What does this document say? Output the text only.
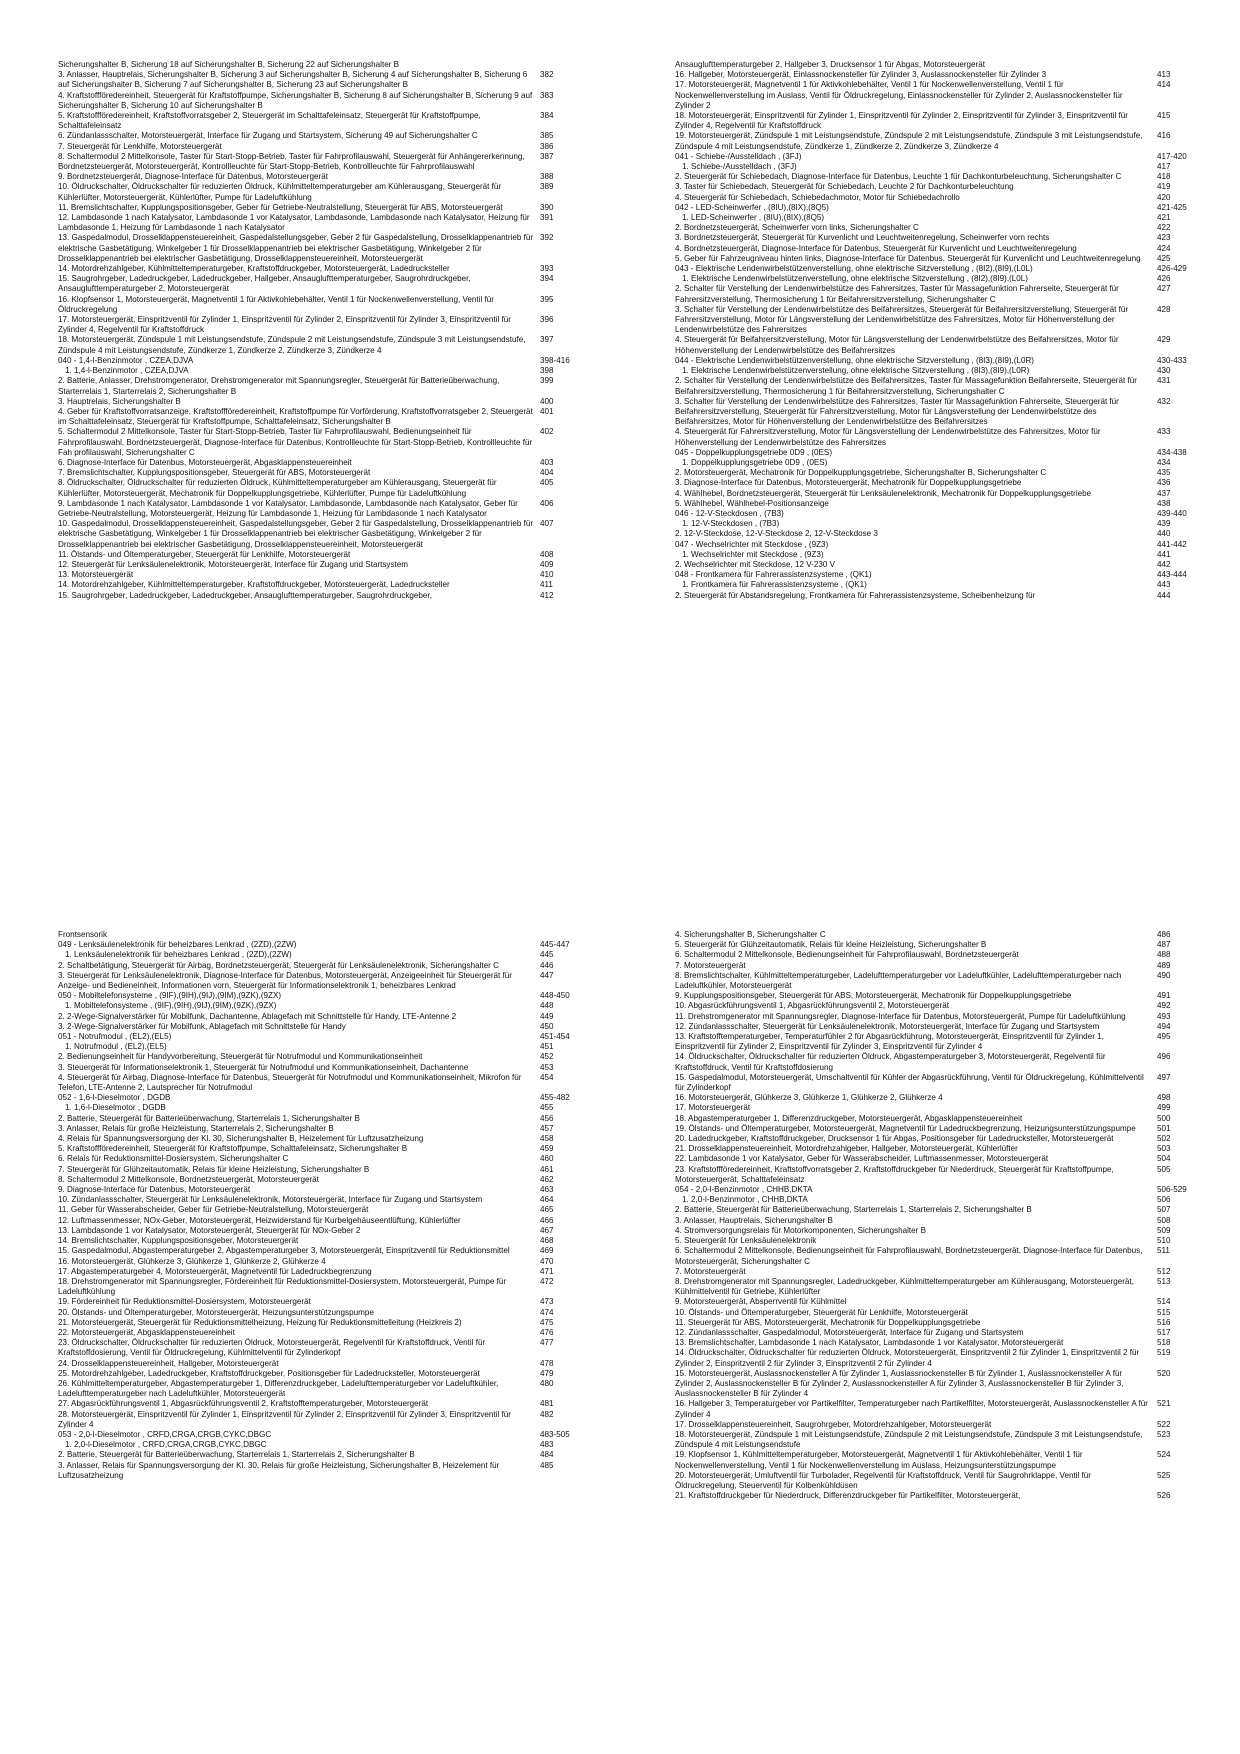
Sicherungshalter B, Sicherung 18 auf Sicherungshalter B, Sicherung 22 auf Sicherungshalter B
3. Anlasser, Hauptrelais, Sicherungshalter B, Sicherung 3 auf Sicherungshalter B, Sicherung 4 auf Sicherungshalter B, Sicherung 6 auf Sicherungshalter B, Sicherung 7 auf Sicherungshalter B, Sicherung 23 auf Sicherungshalter B
382
4. Kraftstoffföredereinheit, Steuergerät für Kraftstoffpumpe, Sicherungshalter B, Sicherung 8 auf Sicherungshalter B, Sicherung 9 auf Sicherungshalter B, Sicherung 10 auf Sicherungshalter B
383
5. Kraftstoffföredereinheit, Kraftstoffvorratsgeber 2, Steuergerät im Schalttafeleinsatz, Steuergerät für Kraftstoffpumpe, Schalttafeleinsatz
384
6. Zündanlassschalter, Motorsteuergerät, Interface für Zugang und Startsystem, Sicherung 49 auf Sicherungshalter C	385
7. Steuergerät für Lenkhilfe, Motorsteuergerät	386
8. Schaltermodul 2 Mittelkonsole, Taster für Start-Stopp-Betrieb, Taster für Fahrprofilauswahl, Steuergerät für Anhängererkennung, Bordnetzsteuergerät, Motorsteuergerät, Kontrollleuchte für Start-Stopp-Betrieb, Kontrollleuchte für Fahrprofilauswahl
387
9. Bordnetzsteuergerät, Diagnose-Interface für Datenbus, Motorsteuergerät	388
10. Öldruckschalter, Öldruckschalter für reduzierten Öldruck, Kühlmitteltemperaturgeber am Kühlerausgang, Steuergerät für Kühlerlüfter, Motorsteuergerät, Kühlerlüfter, Pumpe für Ladeluftkühlung
389
11. Bremslichtschalter, Kupplungspositionsgeber, Geber für Getriebe-Neutralstellung, Steuergerät für ABS, Motorsteuergerät	390
12. Lambdasonde 1 nach Katalysator, Lambdasonde 1 vor Katalysator, Lambdasonde, Lambdasonde nach Katalysator, Heizung für Lambdasonde 1, Heizung für Lambdasonde 1 nach Katalysator
391
13. Gaspedalmodul, Drosselklappensteuereinheit, Gaspedalstellungsgeber, Geber 2 für Gaspedalstellung, Drosselklappenantrieb für elektrische Gasbetätigung, Winkelgeber 1 für Drosselklappenantrieb bei elektrischer Gasbetätigung, Winkelgeber 2 für Drosselklappenantrieb bei elektrischer Gasbetätigung, Drosselklappensteuereinheit, Motorsteuergerät
392
14. Motordrehzahlgeber, Kühlmitteltemperaturgeber, Kraftstoffdruckgeber, Motorsteuergerät, Ladedrucksteller	393
15. Saugrohrgeber, Ladedruckgeber, Ladedruckgeber, Hallgeber, Ansauglufttemperaturgeber, Saugrohrdruckgeber, Ansauglufttemperaturgeber 2, Motorsteuergerät
394
16. Klopfsensor 1, Motorsteuergerät, Magnetventil 1 für Aktivkohlebehälter, Ventil 1 für Nockenwellenverstellung, Ventil für Öldruckregelung
395
17. Motorsteuergerät, Einspritzventil für Zylinder 1, Einspritzventil für Zylinder 2, Einspritzventil für Zylinder 3, Einspritzventil für Zylinder 4, Regelventil für Kraftstoffdruck
396
18. Motorsteuergerät, Zündspule 1 mit Leistungsendstufe, Zündspule 2 mit Leistungsendstufe, Zündspule 3 mit Leistungsendstufe, Zündspule 4 mit Leistungsendstufe, Zündkerze 1, Zündkerze 2, Zündkerze 3, Zündkerze 4
397
040 - 1,4-l-Benzinmotor , CZEA,DJVA	398-416
1. 1,4-l-Benzinmotor , CZEA,DJVA	398
2. Batterie, Anlasser, Drehstromgenerator, Drehstromgenerator mit Spannungsregler, Steuergerät für Batterieüberwachung, Starterrelais 1, Starterrelais 2, Sicherungshalter B
399
3. Hauptrelais, Sicherungshalter B	400
4. Geber für Kraftstoffvorratsanzeige, Kraftstoffföredereinheit, Kraftstoffpumpe für Vorförderung, Kraftstoffvorratsgeber 2, Steuergerät im Schalttafeleinsatz, Steuergerät für Kraftstoffpumpe, Schalttafeleinsatz, Sicherungshalter B
401
5. Schaltermodul 2 Mittelkonsole, Taster für Start-Stopp-Betrieb, Taster für Fahrprofilauswahl, Bedienungseinheit für Fahrprofilauswahl, Bordnetzsteuergerät, Diagnose-Interface für Datenbus, Kontrollleuchte für Start-Stopp-Betrieb, Kontrollleuchte für Fah profilauswahl, Sicherungshalter C
402
6. Diagnose-Interface für Datenbus, Motorsteuergerät, Abgasklappensteuereinheit	403
7. Bremslichtschalter, Kupplungspositionsgeber, Steuergerät für ABS, Motorsteuergerät	404
8. Öldruckschalter, Öldruckschalter für reduzierten Öldruck, Kühlmitteltemperaturgeber am Kühlerausgang, Steuergerät für Kühlerlüfter, Motorsteuergerät, Mechatronik für Doppelkupplungsgetriebe, Kühlerlüfter, Pumpe für Ladeluftkühlung
405
9. Lambdasonde 1 nach Katalysator, Lambdasonde 1 vor Katalysator, Lambdasonde, Lambdasonde nach Katalysator, Geber für Getriebe-Neutralstellung, Motorsteuergerät, Heizung für Lambdasonde 1, Heizung für Lambdasonde 1 nach Katalysator
406
10. Gaspedalmodul, Drosselklappensteuereinheit, Gaspedalstellungsgeber, Geber 2 für Gaspedalstellung, Drosselklappenantrieb für elektrische Gasbetätigung, Winkelgeber 1 für Drosselklappenantrieb bei elektrischer Gasbetätigung, Winkelgeber 2 für Drosselklappenantrieb bei elektrischer Gasbetätigung, Drosselklappensteuereinheit, Motorsteuergerät
407
11. Ölstands- und Öltemperaturgeber, Steuergerät für Lenkhilfe, Motorsteuergerät	408
12. Steuergerät für Lenksäulenelektronik, Motorsteuergerät, Interface für Zugang und Startsystem	409
13. Motorsteuergerät	410
14. Motordrehzahlgeber, Kühlmitteltemperaturgeber, Kraftstoffdruckgeber, Motorsteuergerät, Ladedrucksteller	411
15. Saugrohrgeber, Ladedruckgeber, Ladedruckgeber, Ansauglufttemperaturgeber, Saugrohrdruckgeber,	412
Ansauglufttemperaturgeber 2, Hallgeber 3, Drucksensor 1 für Abgas, Motorsteuergerät
16. Hallgeber, Motorsteuergerät, Einlassnockensteller für Zylinder 3, Auslassnockensteller für Zylinder 3	413
17. Motorsteuergerät, Magnetventil 1 für Aktivkohlebehälter, Ventil 1 für Nockenwellenverstellung, Ventil 1 für Nockenwellenverstellung im Auslass, Ventil für Öldruckregelung, Einlassnockensteller für Zylinder 2, Auslassnockensteller für Zylinder 2
414
18. Motorsteuergerät, Einspritzventil für Zylinder 1, Einspritzventil für Zylinder 2, Einspritzventil für Zylinder 3, Einspritzventil für Zylinder 4, Regelventil für Kraftstoffdruck
415
19. Motorsteuergerät, Zündspule 1 mit Leistungsendstufe, Zündspule 2 mit Leistungsendstufe, Zündspule 3 mit Leistungsendstufe, Zündspule 4 mit Leistungsendstufe, Zündkerze 1, Zündkerze 2, Zündkerze 3, Zündkerze 4
416
041 - Schiebe-/Ausstelldach , (3FJ)	417-420
1. Schiebe-/Ausstelldach , (3FJ)	417
2. Steuergerät für Schiebedach, Diagnose-Interface für Datenbus, Leuchte 1 für Dachkonturbeleuchtung, Sicherungshalter C	418
3. Taster für Schiebedach, Steuergerät für Schiebedach, Leuchte 2 für Dachkonturbeleuchtung	419
4. Steuergerät für Schiebedach, Schiebedachmotor, Motor für Schiebedachrollo	420
042 - LED-Scheinwerfer , (8IU),(8IX),(8Q5)	421-425
1. LED-Scheinwerfer , (8IU),(8IX),(8Q5)	421
2. Bordnetzsteuergerät, Scheinwerfer vorn links, Sicherungshalter C	422
3. Bordnetzsteuergerät, Steuergerät für Kurvenlicht und Leuchtweitenregelung, Scheinwerfer vorn rechts	423
4. Bordnetzsteuergerät, Diagnose-Interface für Datenbus, Steuergerät für Kurvenlicht und Leuchtweitenregelung	424
5. Geber für Fahrzeugniveau hinten links, Diagnose-Interface für Datenbus, Steuergerät für Kurvenlicht und Leuchtweitenregelung	425
043 - Elektrische Lendenwirbelstützenverstellung, ohne elektrische Sitzverstellung , (8I2),(8I9),(L0L)	426-429
1. Elektrische Lendenwirbelstützenverstellung, ohne elektrische Sitzverstellung , (8I2),(8I9),(L0L)	426
2. Schalter für Verstellung der Lendenwirbelstütze des Fahrersitzes, Taster für Massagefunktion Fahrerseite, Steuergerät für Fahrersitzverstellung, Thermosicherung 1 für Beifahrersitzverstellung, Sicherungshalter C
427
3. Schalter für Verstellung der Lendenwirbelstütze des Beifahrersitzes, Steuergerät für Beifahrersitzverstellung, Steuergerät für Fahrersitzverstellung, Motor für Längsverstellung der Lendenwirbelstütze des Fahrersitzes, Motor für Höhenverstellung der Lendenwirbelstütze des Fahrersitzes
428
4. Steuergerät für Beifahrersitzverstellung, Motor für Längsverstellung der Lendenwirbelstütze des Beifahrersitzes, Motor für Höhenverstellung der Lendenwirbelstütze des Beifahrersitzes
429
044 - Elektrische Lendenwirbelstützenverstellung, ohne elektrische Sitzverstellung , (8I3),(8I9),(L0R)	430-433
1. Elektrische Lendenwirbelstützenverstellung, ohne elektrische Sitzverstellung , (8I3),(8I9),(L0R)	430
2. Schalter für Verstellung der Lendenwirbelstütze des Beifahrersitzes, Taster für Massagefunktion Beifahrerseite, Steuergerät für Beifahrersitzverstellung, Thermosicherung 1 für Beifahrersitzverstellung, Sicherungshalter C
431
3. Schalter für Verstellung der Lendenwirbelstütze des Fahrersitzes, Taster für Massagefunktion Fahrerseite, Steuergerät für Beifahrersitzverstellung, Steuergerät für Fahrersitzverstellung, Motor für Längsverstellung der Lendenwirbelstütze des Beifahrersitzes, Motor für Höhenverstellung der Lendenwirbelstütze des Beifahrersitzes
432
4. Steuergerät für Fahrersitzverstellung, Motor für Längsverstellung der Lendenwirbelstütze des Fahrersitzes, Motor für Höhenverstellung der Lendenwirbelstütze des Fahrersitzes
433
045 - Doppelkupplungsgetriebe 0D9 , (0ES)	434-438
1. Doppelkupplungsgetriebe 0D9 , (0ES)	434
2. Motorsteuergerät, Mechatronik für Doppelkupplungsgetriebe, Sicherungshalter B, Sicherungshalter C	435
3. Diagnose-Interface für Datenbus, Motorsteuergerät, Mechatronik für Doppelkupplungsgetriebe	436
4. Wählhebel, Bordnetzsteuergerät, Steuergerät für Lenksäulenelektronik, Mechatronik für Doppelkupplungsgetriebe	437
5. Wählhebel, Wählhebel-Positionsanzeige	438
046 - 12-V-Steckdosen , (7B3)	439-440
1. 12-V-Steckdosen , (7B3)	439
2. 12-V-Steckdose, 12-V-Steckdose 2, 12-V-Steckdose 3	440
047 - Wechselrichter mit Steckdose , (9Z3)	441-442
1. Wechselrichter mit Steckdose , (9Z3)	441
2. Wechselrichter mit Steckdose, 12 V-230 V	442
048 - Frontkamera für Fahrerassistenzsysteme , (QK1)	443-444
1. Frontkamera für Fahrerassistenzsysteme , (QK1)	443
2. Steuergerät für Abstandsregelung, Frontkamera für Fahrerassistenzsysteme, Scheibenheizung für	444
Frontsensorik
049 - Lenksäulenelektronik für beheizbares Lenkrad , (2ZD),(2ZW)	445-447
1. Lenksäulenelektronik für beheizbares Lenkrad , (2ZD),(2ZW)	445
2. Schaltbetätigung, Steuergerät für Airbag, Bordnetzsteuergerät, Steuergerät für Lenksäulenelektronik, Sicherungshalter C	446
3. Steuergerät für Lenksäulenelektronik, Diagnose-Interface für Datenbus, Motorsteuergerät, Anzeigeeinheit für Steuergerät für Anzeige- und Bedieneinheit, Informationen vorn, Steuergerät für Informationselektronik 1, beheizbares Lenkrad
447
050 - Mobiltelefonsysteme , (9IF),(9IH),(9IJ),(9IM),(9ZK),(9ZX)	448-450
1. Mobiltelefonsysteme , (9IF),(9IH),(9IJ),(9IM),(9ZK),(9ZX)	448
2. 2-Wege-Signalverstärker für Mobilfunk, Dachantenne, Ablagefach mit Schnittstelle für Handy, LTE-Antenne 2	449
3. 2-Wege-Signalverstärker für Mobilfunk, Ablagefach mit Schnittstelle für Handy	450
051 - Notrufmodul , (EL2),(EL5)	451-454
1. Notrufmodul , (EL2),(EL5)	451
2. Bedienungseinheit für Handyvorbereitung, Steuergerät für Notrufmodul und Kommunikationseinheit	452
3. Steuergerät für Informationselektronik 1, Steuergerät für Notrufmodul und Kommunikationseinheit, Dachantenne	453
4. Steuergerät für Airbag, Diagnose-Interface für Datenbus, Steuergerät für Notrufmodul und Kommunikationseinheit, Mikrofon für Telefon, LTE-Antenne 2, Lautsprecher für Notrufmodul
454
052 - 1,6-l-Dieselmotor , DGDB	455-482
1. 1,6-l-Dieselmotor , DGDB	455
2. Batterie, Steuergerät für Batterieüberwachung, Starterrelais 1, Sicherungshalter B	456
3. Anlasser, Relais für große Heizleistung, Starterrelais 2, Sicherungshalter B	457
4. Relais für Spannungsversorgung der Kl. 30, Sicherungshalter B, Heizelement für Luftzusatzheizung	458
5. Kraftstoffföredereinheit, Steuergerät für Kraftstoffpumpe, Schalttafeleinsatz, Sicherungshalter B	459
6. Relais für Reduktionsmittel-Dosiersystem, Sicherungshalter C	460
7. Steuergerät für Glühzeitautomatik, Relais für kleine Heizleistung, Sicherungshalter B	461
8. Schaltermodul 2 Mittelkonsole, Bordnetzsteuergerät, Motorsteuergerät	462
9. Diagnose-Interface für Datenbus, Motorsteuergerät	463
10. Zündanlassschalter, Steuergerät für Lenksäulenelektronik, Motorsteuergerät, Interface für Zugang und Startsystem	464
11. Geber für Wasserabscheider, Geber für Getriebe-Neutralstellung, Motorsteuergerät	465
12. Luftmassenmesser, NOx-Geber, Motorsteuergerät, Heizwiderstand für Kurbelgehäuseentlüftung, Kühlerlüfter	466
13. Lambdasonde 1 vor Katalysator, Motorsteuergerät, Steuergerät für NOx-Geber 2	467
14. Bremslichtschalter, Kupplungspositionsgeber, Motorsteuergerät	468
15. Gaspedalmodul, Abgastemperaturgeber 2, Abgastemperaturgeber 3, Motorsteuergerät, Einspritzventil für Reduktionsmittel	469
16. Motorsteuergerät, Glühkerze 3, Glühkerze 1, Glühkerze 2, Glühkerze 4	470
17. Abgastemperaturgeber 4, Motorsteuergerät, Magnetventil für Ladedruckbegrenzung	471
18. Drehstromgenerator mit Spannungsregler, Fördereinheit für Reduktionsmittel-Dosiersystem, Motorsteuergerät, Pumpe für Ladeluftkühlung
472
19. Fördereinheit für Reduktionsmittel-Dosiersystem, Motorsteuergerät	473
20. Ölstands- und Öltemperaturgeber, Motorsteuergerät, Heizungsunterstützungspumpe	474
21. Motorsteuergerät, Steuergerät für Reduktionsmittelheizung, Heizung für Reduktionsmittelleitung (Heizkreis 2)	475
22. Motorsteuergerät, Abgasklappensteuereinheit	476
23. Öldruckschalter, Öldruckschalter für reduzierten Öldruck, Motorsteuergerät, Regelventil für Kraftstoffdruck, Ventil für Kraftstoffdosierung, Ventil für Öldruckregelung, Kühlmittelventil für Zylinderkopf
477
24. Drosselklappensteuereinheit, Hallgeber, Motorsteuergerät	478
25. Motordrehzahlgeber, Ladedruckgeber, Kraftstoffdruckgeber, Positionsgeber für Ladedrucksteller, Motorsteuergerät	479
26. Kühlmitteltemperaturgeber, Abgastemperaturgeber 1, Differenzdruckgeber, Ladelufttemperaturgeber vor Ladeluftkühler, Ladelufttemperaturgeber nach Ladeluftkühler, Motorsteuergerät
480
27. Abgasrückführungsventil 1, Abgasrückführungsventil 2, Kraftstofftemperaturgeber, Motorsteuergerät	481
28. Motorsteuergerät, Einspritzventil für Zylinder 1, Einspritzventil für Zylinder 2, Einspritzventil für Zylinder 3, Einspritzventil für Zylinder 4
482
053 - 2,0-l-Dieselmotor , CRFD,CRGA,CRGB,CYKC,DBGC	483-505
1. 2,0-l-Dieselmotor , CRFD,CRGA,CRGB,CYKC,DBGC	483
2. Batterie, Steuergerät für Batterieüberwachung, Starterrelais 1, Starterrelais 2, Sicherungshalter B	484
3. Anlasser, Relais für Spannungsversorgung der Kl. 30, Relais für große Heizleistung, Sicherungshalter B, Heizelement für Luftzusatzheizung
485
4. Sicherungshalter B, Sicherungshalter C	486
5. Steuergerät für Glühzeitautomatik, Relais für kleine Heizleistung, Sicherungshalter B	487
6. Schaltermodul 2 Mittelkonsole, Bedienungseinheit für Fahrprofilauswahl, Bordnetzsteuergerät	488
7. Motorsteuergerät	489
8. Bremslichtschalter, Kühlmitteltemperaturgeber, Ladelufttemperaturgeber vor Ladeluftkühler, Ladelufttemperaturgeber nach Ladeluftkühler, Motorsteuergerät
490
9. Kupplungspositionsgeber, Steuergerät für ABS, Motorsteuergerät, Mechatronik für Doppelkupplungsgetriebe	491
10. Abgasrückführungsventil 1, Abgasrückführungsventil 2, Motorsteuergerät	492
11. Drehstromgenerator mit Spannungsregler, Diagnose-Interface für Datenbus, Motorsteuergerät, Pumpe für Ladeluftkühlung	493
12. Zündanlassschalter, Steuergerät für Lenksäulenelektronik, Motorsteuergerät, Interface für Zugang und Startsystem	494
13. Kraftstofftemperaturgeber, Temperaturfühler 2 für Abgasrückführung, Motorsteuergerät, Einspritzventil für Zylinder 1, Einspritzventil für Zylinder 2, Einspritzventil für Zylinder 3, Einspritzventil für Zylinder 4
495
14. Öldruckschalter, Öldruckschalter für reduzierten Öldruck, Abgastemperaturgeber 3, Motorsteuergerät, Regelventil für Kraftstoffdruck, Ventil für Kraftstoffdosierung
496
15. Gaspedalmodul, Motorsteuergerät, Umschaltventil für Kühler der Abgasrückführung, Ventil für Öldruckregelung, Kühlmittelventil für Zylinderkopf
497
16. Motorsteuergerät, Glühkerze 3, Glühkerze 1, Glühkerze 2, Glühkerze 4	498
17. Motorsteuergerät	499
18. Abgastemperaturgeber 1, Differenzdruckgeber, Motorsteuergerät, Abgasklappensteuereinheit	500
19. Ölstands- und Öltemperaturgeber, Motorsteuergerät, Magnetventil für Ladedruckbegrenzung, Heizungsunterstützungspumpe	501
20. Ladedruckgeber, Kraftstoffdruckgeber, Drucksensor 1 für Abgas, Positionsgeber für Ladedrucksteller, Motorsteuergerät	502
21. Drosselklappensteuereinheit, Motordrehzahlgeber, Hallgeber, Motorsteuergerät, Kühlerlüfter	503
22. Lambdasonde 1 vor Katalysator, Geber für Wasserabscheider, Luftmassenmesser, Motorsteuergerät	504
23. Kraftstoffföredereinheit, Kraftstoffvorratsgeber 2, Kraftstoffdruckgeber für Niederdruck, Steuergerät für Kraftstoffpumpe, Motorsteuergerät, Schalttafeleinsatz
505
054 - 2,0-l-Benzinmotor , CHHB,DKTA	506-529
1. 2,0-l-Benzinmotor , CHHB,DKTA	506
2. Batterie, Steuergerät für Batterieüberwachung, Starterrelais 1, Starterrelais 2, Sicherungshalter B	507
3. Anlasser, Hauptrelais, Sicherungshalter B	508
4. Stromversorgungsrelais für Motorkomponenten, Sicherungshalter B	509
5. Steuergerät für Lenksäulenelektronik	510
6. Schaltermodul 2 Mittelkonsole, Bedienungseinheit für Fahrprofilauswahl, Bordnetzsteuergerät, Diagnose-Interface für Datenbus, Motorsteuergerät, Sicherungshalter C
511
7. Motorsteuergerät	512
8. Drehstromgenerator mit Spannungsregler, Ladedruckgeber, Kühlmitteltemperaturgeber am Kühlerausgang, Motorsteuergerät, Kühlmittelventil für Getriebe, Kühlerlüfter
513
9. Motorsteuergerät, Absperrventil für Kühlmittel	514
10. Ölstands- und Öltemperaturgeber, Steuergerät für Lenkhilfe, Motorsteuergerät	515
11. Steuergerät für ABS, Motorsteuergerät, Mechatronik für Doppelkupplungsgetriebe	516
12. Zündanlassschalter, Gaspedalmodul, Motorsteuergerät, Interface für Zugang und Startsystem	517
13. Bremslichtschalter, Lambdasonde 1 nach Katalysator, Lambdasonde 1 vor Katalysator, Motorsteuergerät	518
14. Öldruckschalter, Öldruckschalter für reduzierten Öldruck, Motorsteuergerät, Einspritzventil 2 für Zylinder 1, Einspritzventil 2 für Zylinder 2, Einspritzventil 2 für Zylinder 3, Einspritzventil 2 für Zylinder 4
519
15. Motorsteuergerät, Auslassnockensteller A für Zylinder 1, Auslassnockensteller B für Zylinder 1, Auslassnockensteller A für Zylinder 2, Auslassnockensteller B für Zylinder 2, Auslassnockensteller A für Zylinder 3, Auslassnockensteller B für Zylinder 3, Auslassnockensteller B für Zylinder 4
520
16. Hallgeber 3, Temperaturgeber vor Partikelfilter, Temperaturgeber nach Partikelfilter, Motorsteuergerät, Auslassnockensteller A für Zylinder 4
521
17. Drosselklappensteuereinheit, Saugrohrgeber, Motordrehzahlgeber, Motorsteuergerät	522
18. Motorsteuergerät, Zündspule 1 mit Leistungsendstufe, Zündspule 2 mit Leistungsendstufe, Zündspule 3 mit Leistungsendstufe, Zündspule 4 mit Leistungsendstufe
523
19. Klopfsensor 1, Kühlmitteltemperaturgeber, Motorsteuergerät, Magnetventil 1 für Aktivkohlebehälter, Ventil 1 für Nockenwellenverstellung, Ventil 1 für Nockenwellenverstellung im Auslass, Heizungsunterstützungspumpe
524
20. Motorsteuergerät, Umluftventil für Turbolader, Regelventil für Kraftstoffdruck, Ventil für Saugrohrklappe, Ventil für Öldruckregelung, Steuerventil für Kolbenkühldüsen
525
21. Kraftstoffdruckgeber für Niederdruck, Differenzdruckgeber für Partikelfilter, Motorsteuergerät,	526
